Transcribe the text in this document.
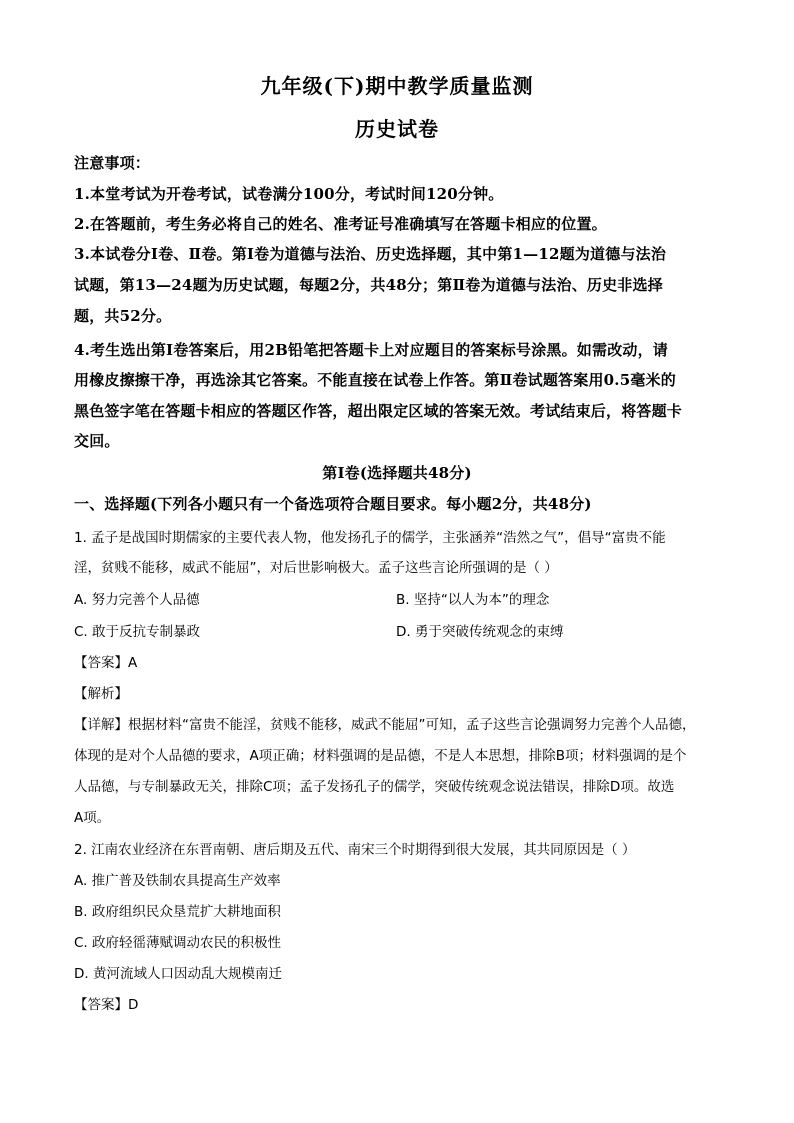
九年级(下)期中教学质量监测
历史试卷
注意事项：
1.本堂考试为开卷考试，试卷满分100分，考试时间120分钟。
2.在答题前，考生务必将自己的姓名、准考证号准确填写在答题卡相应的位置。
3.本试卷分Ⅰ卷、Ⅱ卷。第Ⅰ卷为道德与法治、历史选择题，其中第1—12题为道德与法治
试题，第13—24题为历史试题，每题2分，共48分；第Ⅱ卷为道德与法治、历史非选择
题，共52分。
4.考生选出第Ⅰ卷答案后，用2B铅笔把答题卡上对应题目的答案标号涂黑。如需改动，请
用橡皮擦擦干净，再选涂其它答案。不能直接在试卷上作答。第Ⅱ卷试题答案用0.5毫米的
黑色签字笔在答题卡相应的答题区作答，超出限定区域的答案无效。考试结束后，将答题卡
交回。
第Ⅰ卷(选择题共48分)
一、选择题(下列各小题只有一个备选项符合题目要求。每小题2分，共48分)
1. 孟子是战国时期儒家的主要代表人物，他发扬孔子的儒学，主张涵养“浩然之气”，倡导“富贵不能
淫，贫贱不能移，威武不能屈”，对后世影响极大。孟子这些言论所强调的是（ ）
A. 努力完善个人品德	B. 坚持“以人为本”的理念
C. 敢于反抗专制暴政	D. 勇于突破传统观念的束缚
【答案】A
【解析】
【详解】根据材料“富贵不能淫，贫贱不能移，威武不能屈”可知，孟子这些言论强调努力完善个人品德，
体现的是对个人品德的要求，A项正确；材料强调的是品德，不是人本思想，排除B项；材料强调的是个
人品德，与专制暴政无关，排除C项；孟子发扬孔子的儒学，突破传统观念说法错误，排除D项。故选
A项。
2. 江南农业经济在东晋南朝、唐后期及五代、南宋三个时期得到很大发展，其共同原因是（ ）
A. 推广普及铁制农具提高生产效率
B. 政府组织民众垦荒扩大耕地面积
C. 政府轻徭薄赋调动农民的积极性
D. 黄河流域人口因动乱大规模南迁
【答案】D
